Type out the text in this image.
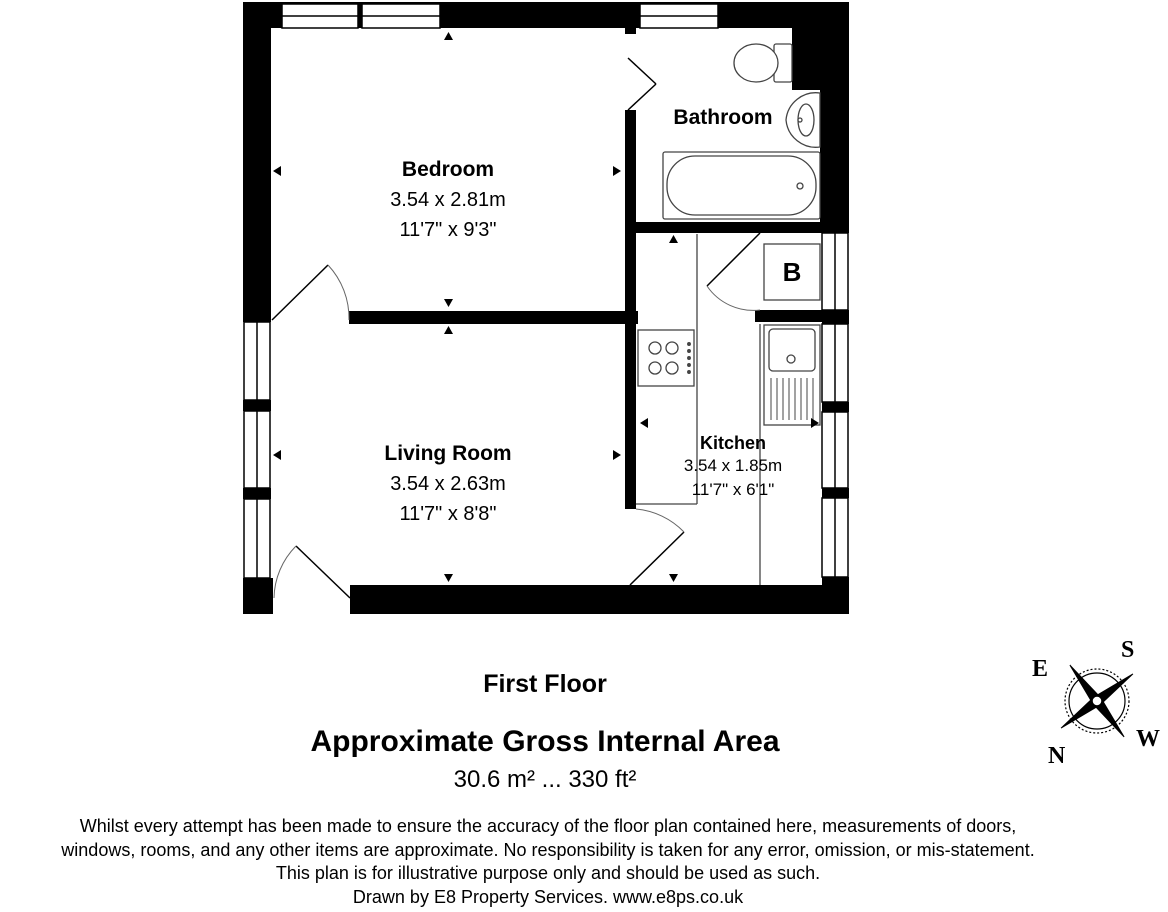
Bedroom
3.54 x 2.81m
11'7" x 9'3"
Bathroom
Living Room
3.54 x 2.63m
11'7" x 8'8"
Kitchen
3.54 x 1.85m
11'7" x 6'1"
B
First Floor
Approximate Gross Internal Area
30.6 m² ... 330 ft²
Whilst every attempt has been made to ensure the accuracy of the floor plan contained here, measurements of doors,
windows, rooms, and any other items are approximate. No responsibility is taken for any error, omission, or mis-statement.
This plan is for illustrative purpose only and should be used as such.
Drawn by E8 Property Services. www.e8ps.co.uk
E
S
W
N
